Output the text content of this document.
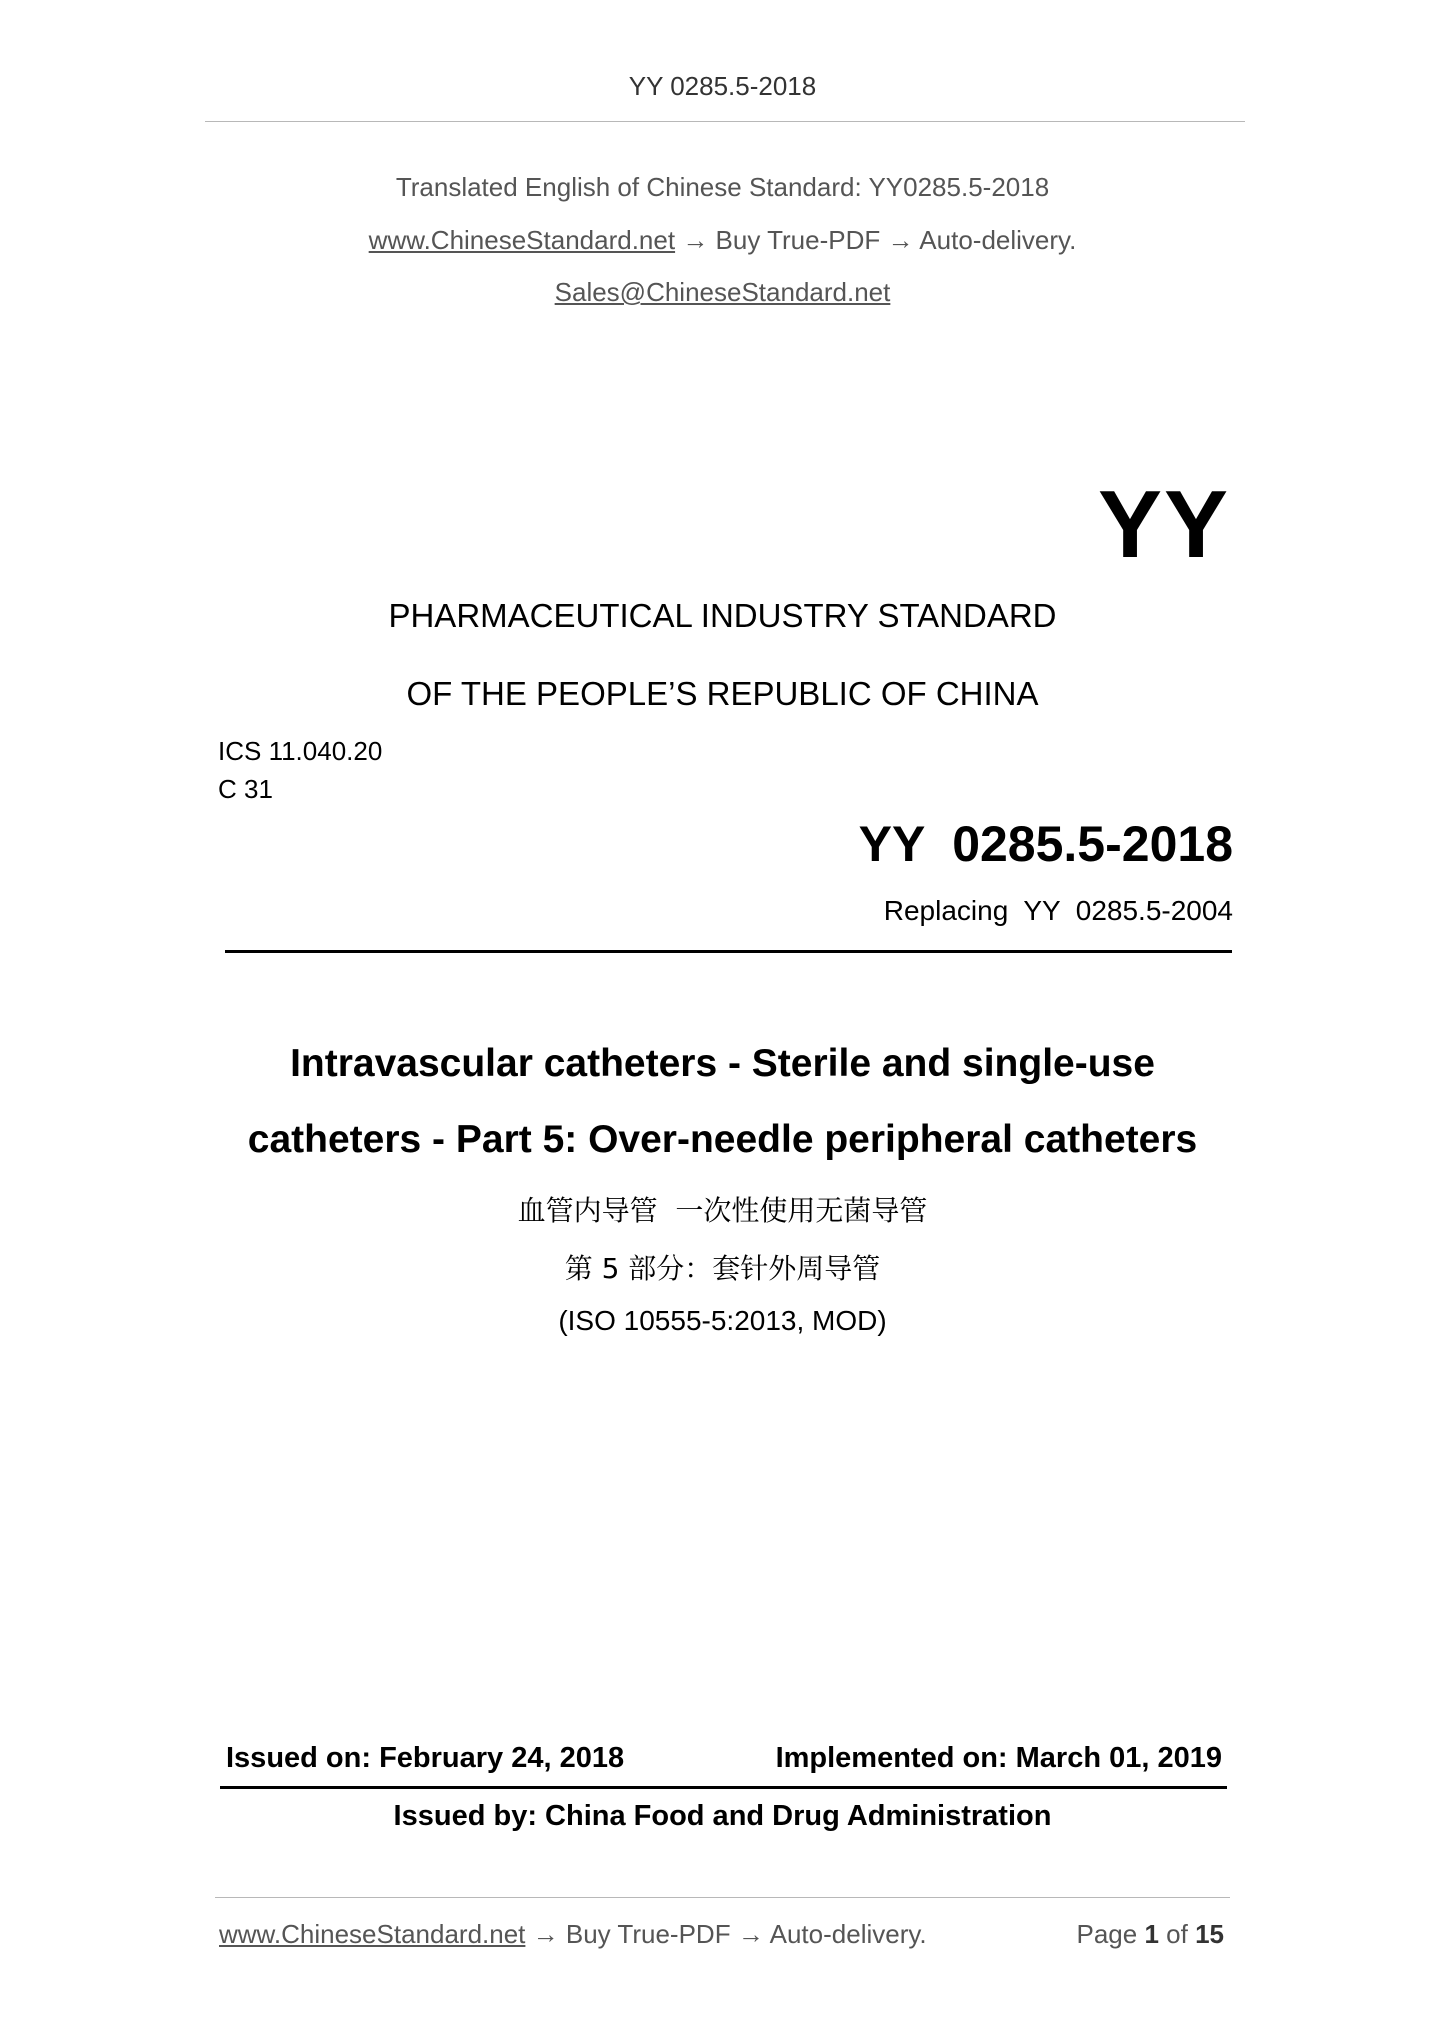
YY 0285.5-2018
Translated English of Chinese Standard: YY0285.5-2018
www.ChineseStandard.net → Buy True-PDF → Auto-delivery.
Sales@ChineseStandard.net
YY
PHARMACEUTICAL INDUSTRY STANDARD
OF THE PEOPLE’S REPUBLIC OF CHINA
ICS 11.040.20
C 31
YY  0285.5-2018
Replacing  YY  0285.5-2004
Intravascular catheters - Sterile and single-use
catheters - Part 5: Over-needle peripheral catheters
血管内导管  一次性使用无菌导管
第 5 部分：套针外周导管
(ISO 10555-5:2013, MOD)
Issued on: February 24, 2018	Implemented on: March 01, 2019
Issued by: China Food and Drug Administration
www.ChineseStandard.net → Buy True-PDF → Auto-delivery.	Page 1 of 15
